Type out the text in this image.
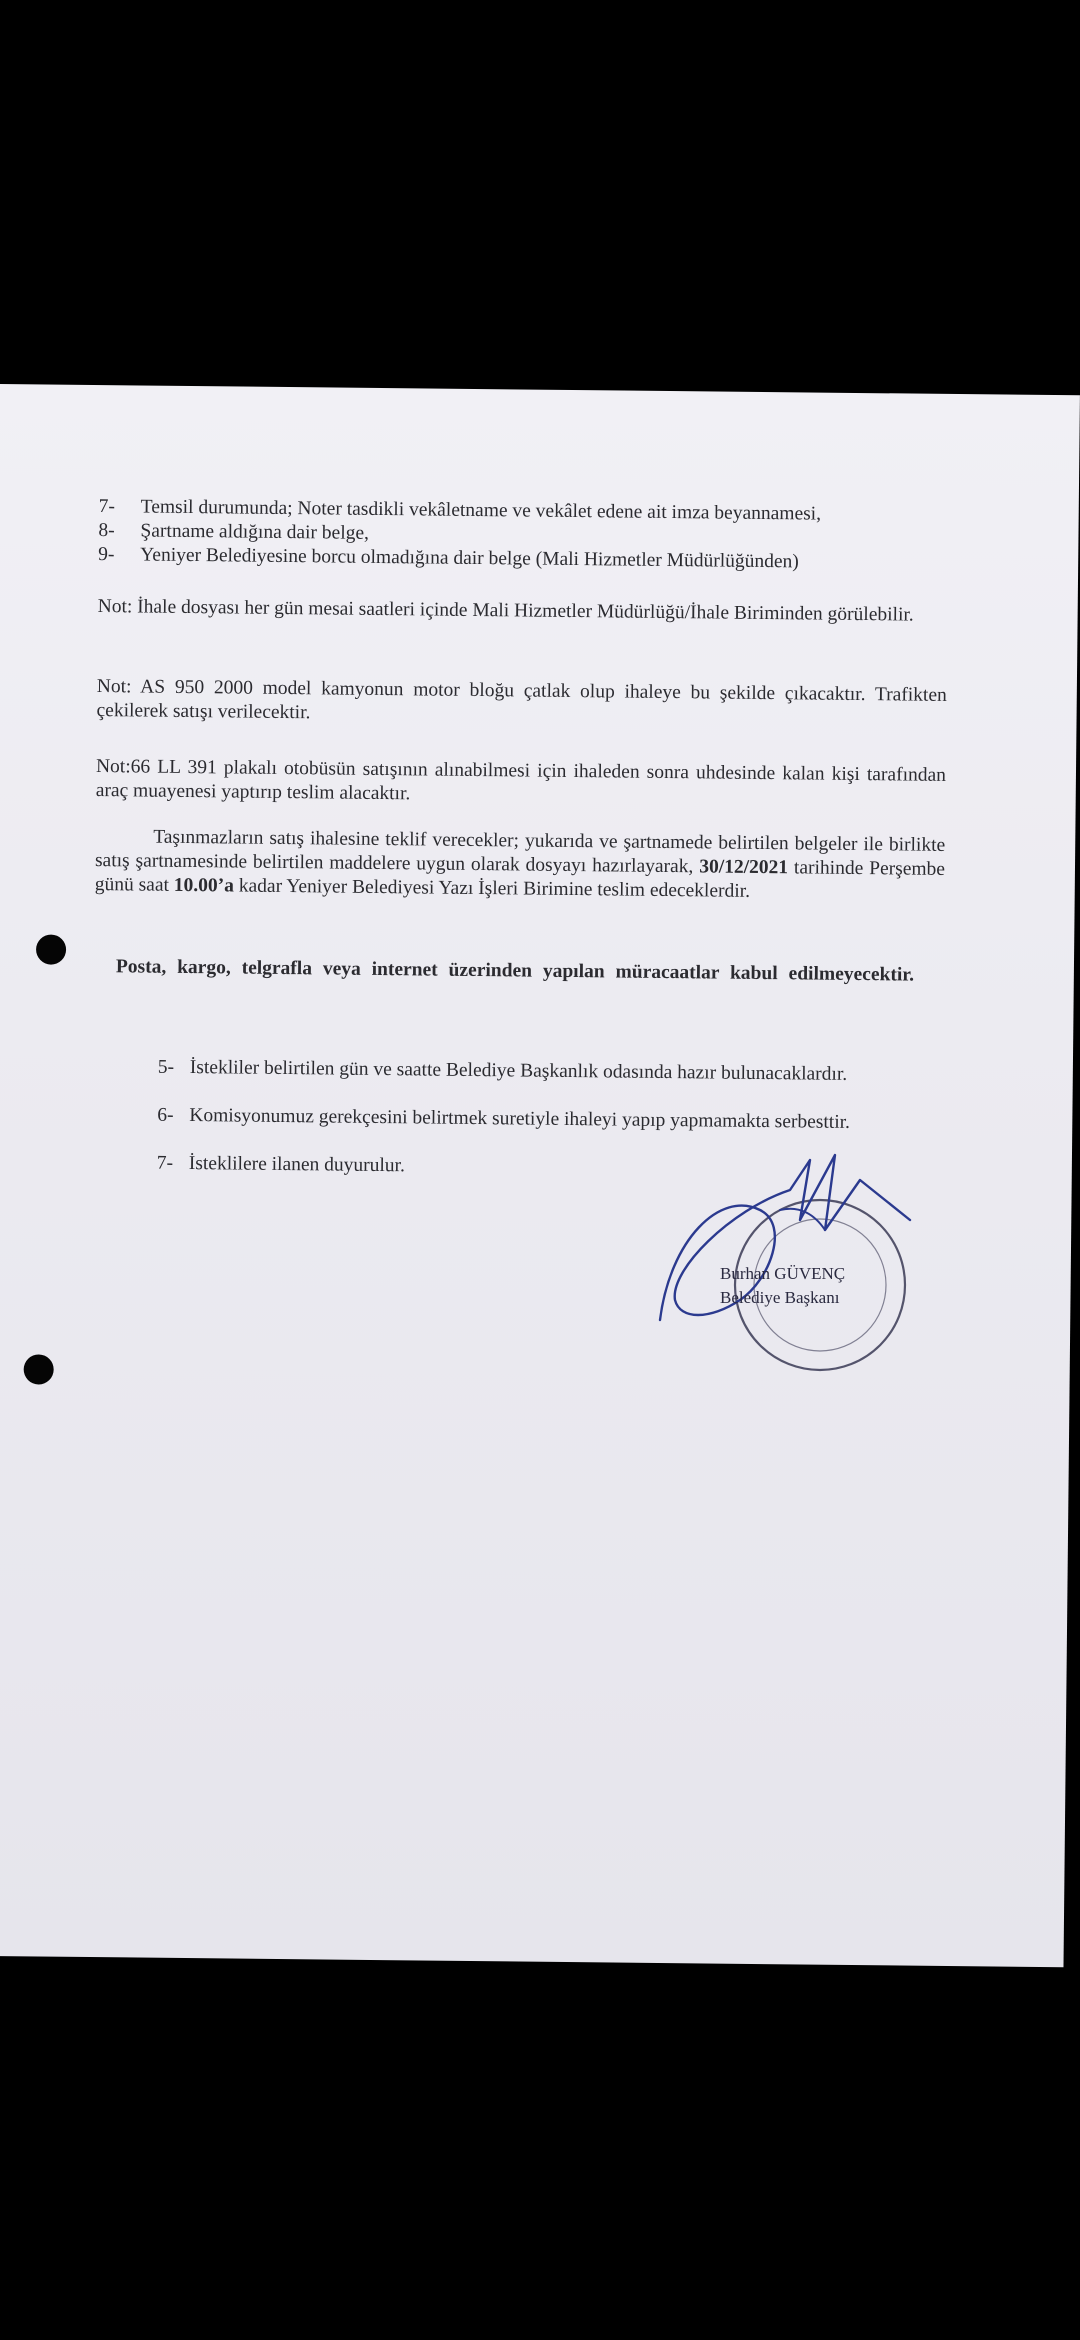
7-	Temsil durumunda; Noter tasdikli vekâletname ve vekâlet edene ait imza beyannamesi,
8-	Şartname aldığına dair belge,
9-	Yeniyer Belediyesine borcu olmadığına dair belge (Mali Hizmetler Müdürlüğünden)
Not: İhale dosyası her gün mesai saatleri içinde Mali Hizmetler Müdürlüğü/İhale Biriminden görülebilir.
Not: AS 950 2000 model kamyonun motor bloğu çatlak olup ihaleye bu şekilde çıkacaktır. Trafikten çekilerek satışı verilecektir.
Not:66 LL 391 plakalı otobüsün satışının alınabilmesi için ihaleden sonra uhdesinde kalan kişi tarafından araç muayenesi yaptırıp teslim alacaktır.
Taşınmazların satış ihalesine teklif verecekler; yukarıda ve şartnamede belirtilen belgeler ile birlikte satış şartnamesinde belirtilen maddelere uygun olarak dosyayı hazırlayarak, 30/12/2021 tarihinde Perşembe günü saat 10.00’a kadar Yeniyer Belediyesi Yazı İşleri Birimine teslim edeceklerdir.
Posta, kargo, telgrafla veya internet üzerinden yapılan müracaatlar kabul edilmeyecektir.
5- İstekliler belirtilen gün ve saatte Belediye Başkanlık odasında hazır bulunacaklardır.
6- Komisyonumuz gerekçesini belirtmek suretiyle ihaleyi yapıp yapmamakta serbesttir.
7- İsteklilere ilanen duyurulur.
Burhan GÜVENÇ
Belediye Başkanı
